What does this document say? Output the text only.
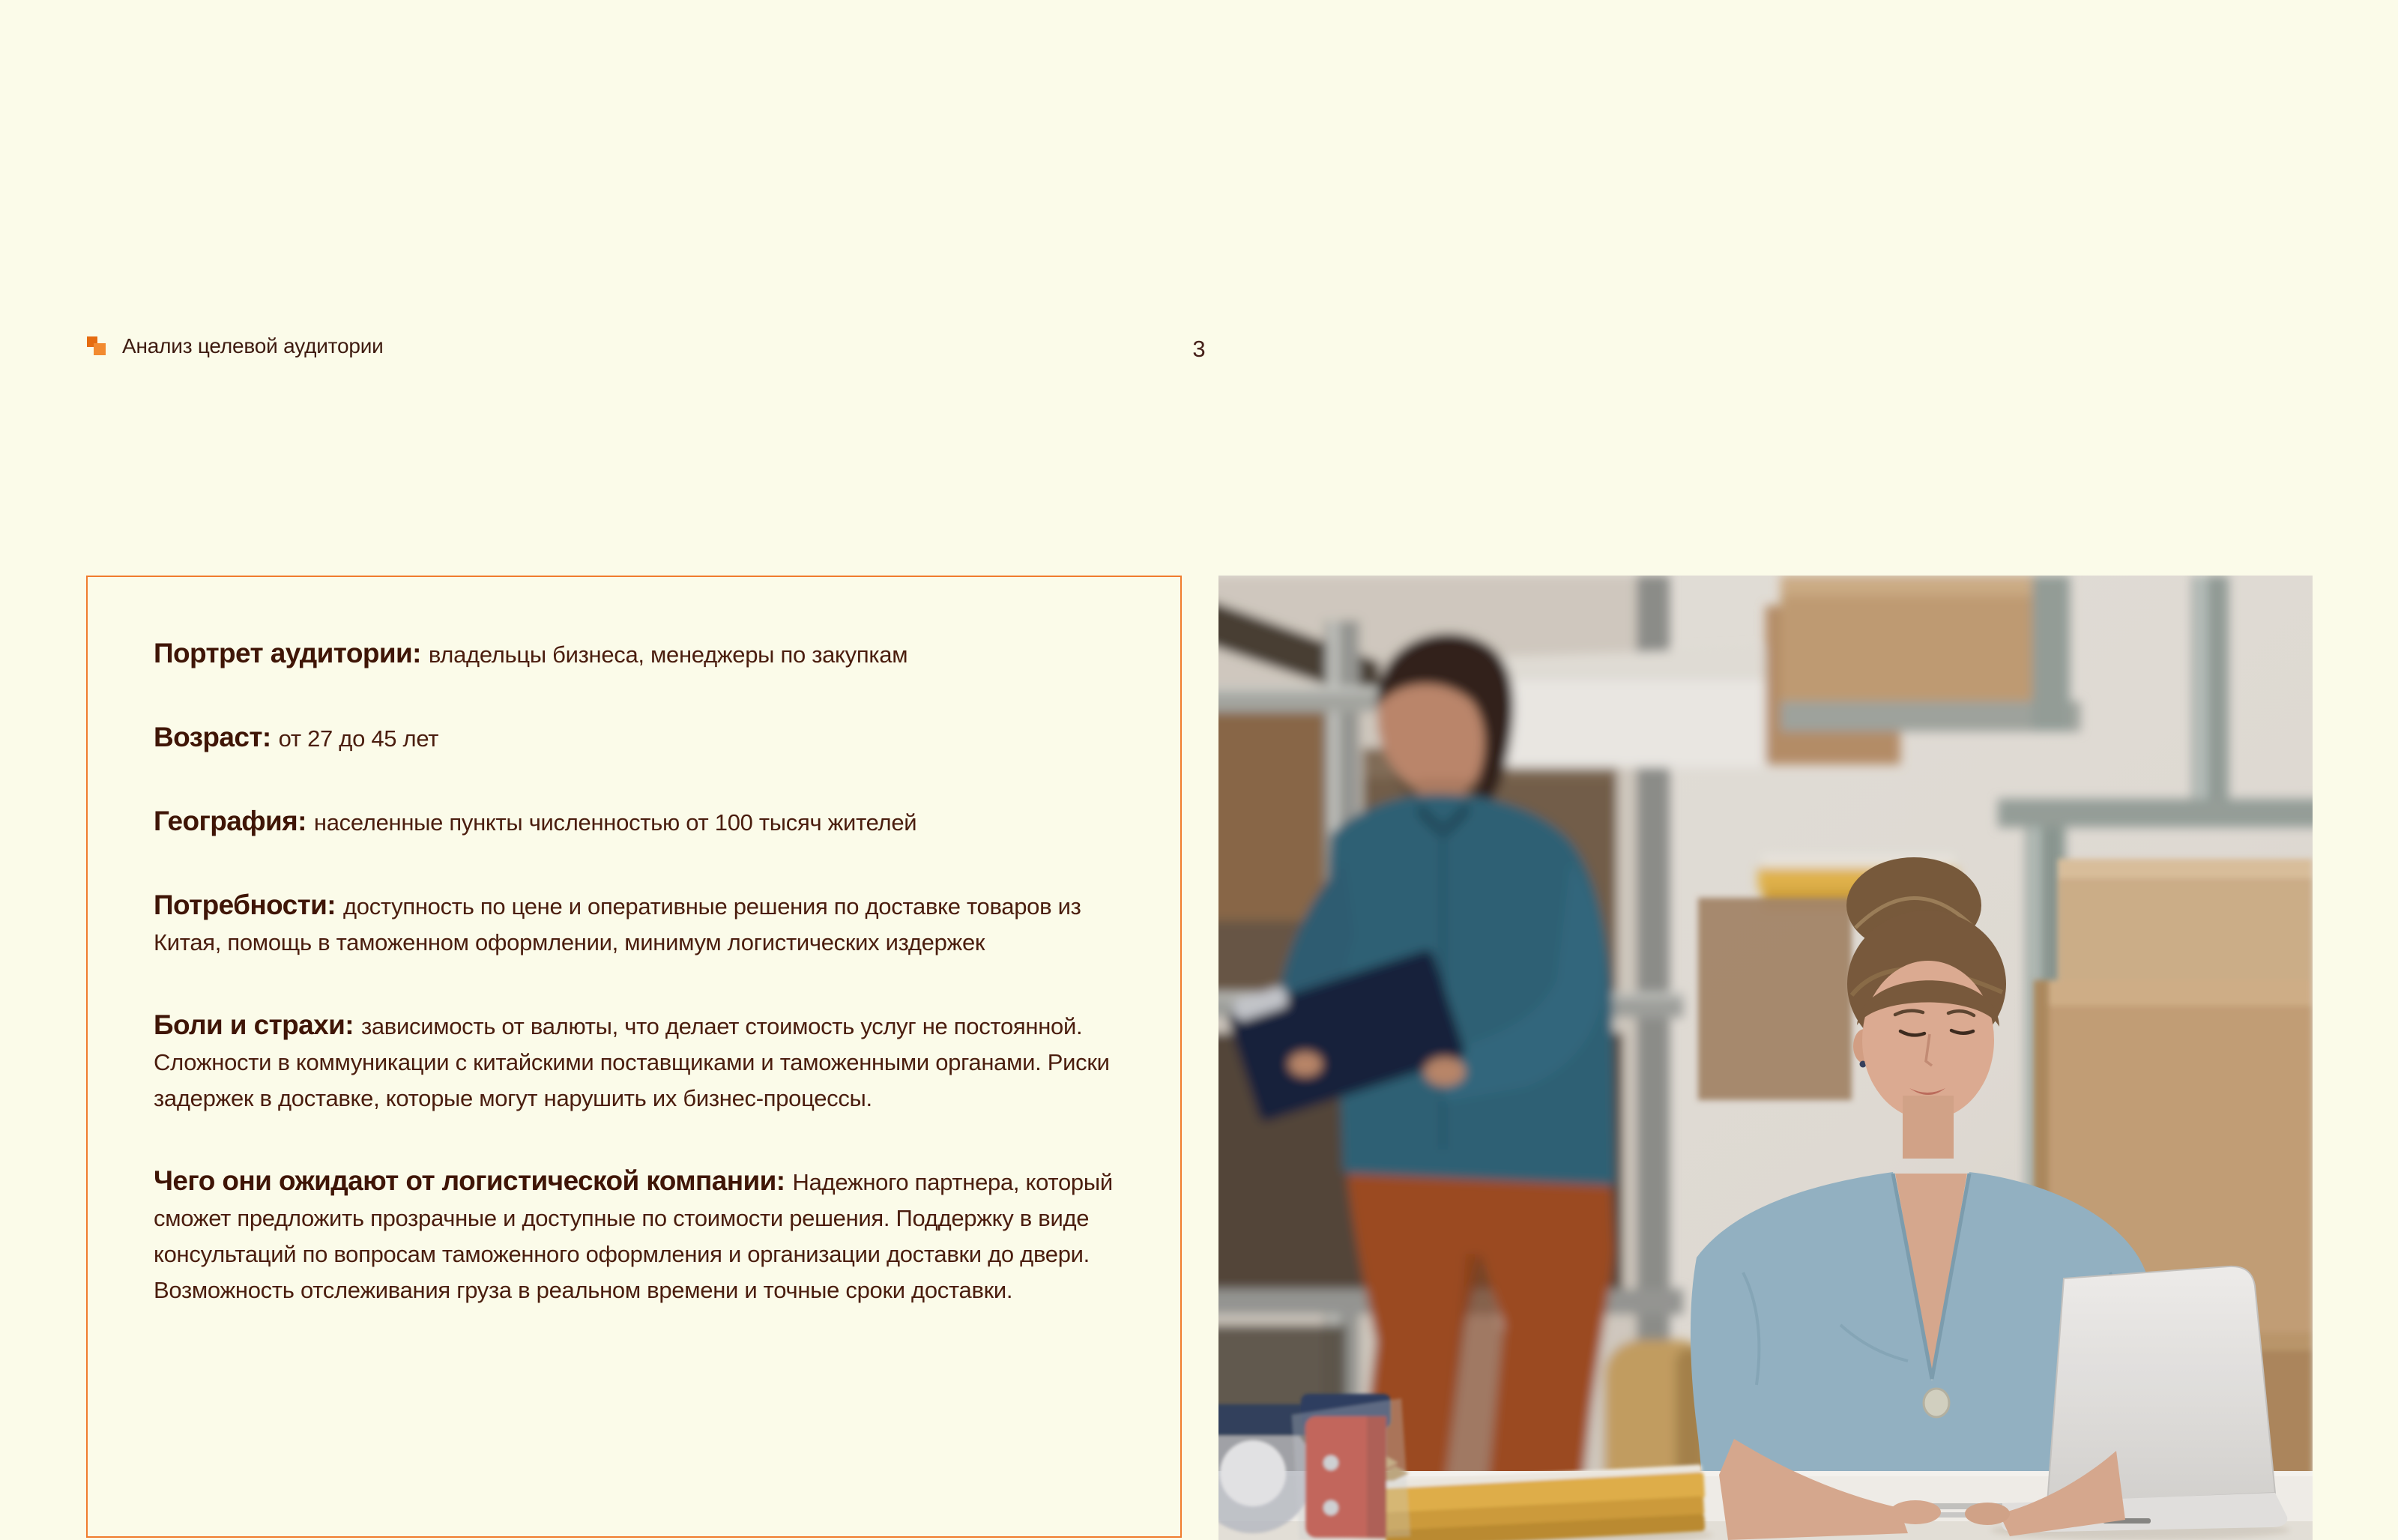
Анализ целевой аудитории	3

Портрет аудитории: владельцы бизнеса, менеджеры по закупкам

Возраст: от 27 до 45 лет

География: населенные пункты численностью от 100 тысяч жителей

Потребности: доступность по цене и оперативные решения по доставке товаров из Китая, помощь в таможенном оформлении, минимум логистических издержек

Боли и страхи: зависимость от валюты, что делает стоимость услуг не постоянной. Сложности в коммуникации с китайскими поставщиками и таможенными органами. Риски задержек в доставке, которые могут нарушить их бизнес-процессы.

Чего они ожидают от логистической компании: Надежного партнера, который сможет предложить прозрачные и доступные по стоимости решения. Поддержку в виде консультаций по вопросам таможенного оформления и организации доставки до двери. Возможность отслеживания груза в реальном времени и точные сроки доставки.
